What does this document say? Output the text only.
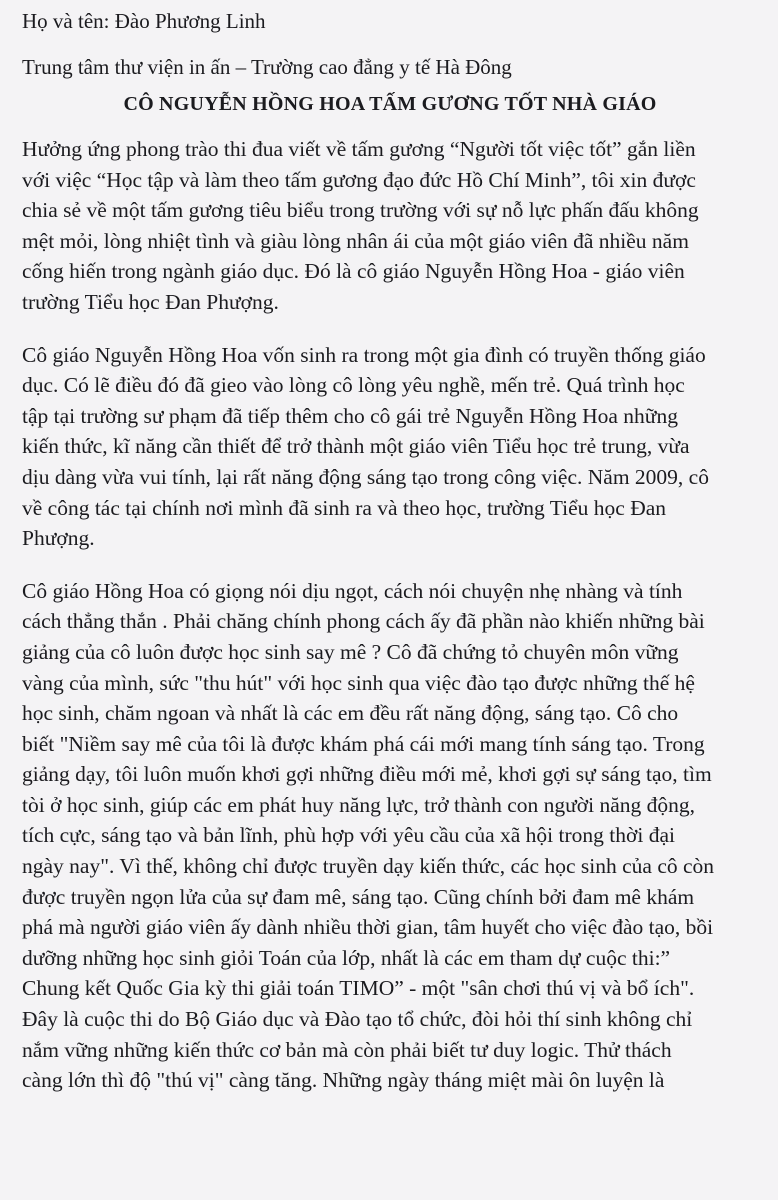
Họ và tên: Đào Phương Linh

Trung tâm thư viện in ấn – Trường cao đẳng y tế Hà Đông

CÔ NGUYỄN HỒNG HOA TẤM GƯƠNG TỐT NHÀ GIÁO

Hưởng ứng phong trào thi đua viết về tấm gương “Người tốt việc tốt” gắn liền
với việc “Học tập và làm theo tấm gương đạo đức Hồ Chí Minh”, tôi xin được
chia sẻ về một tấm gương tiêu biểu trong trường với sự nỗ lực phấn đấu không
mệt mỏi, lòng nhiệt tình và giàu lòng nhân ái của một giáo viên đã nhiều năm
cống hiến trong ngành giáo dục. Đó là cô giáo Nguyễn Hồng Hoa - giáo viên
trường Tiểu học Đan Phượng.

Cô giáo Nguyễn Hồng Hoa vốn sinh ra trong một gia đình có truyền thống giáo
dục. Có lẽ điều đó đã gieo vào lòng cô lòng yêu nghề, mến trẻ. Quá trình học
tập tại trường sư phạm đã tiếp thêm cho cô gái trẻ Nguyễn Hồng Hoa những
kiến thức, kĩ năng cần thiết để trở thành một giáo viên Tiểu học trẻ trung, vừa
dịu dàng vừa vui tính, lại rất năng động sáng tạo trong công việc. Năm 2009, cô
về công tác tại chính nơi mình đã sinh ra và theo học, trường Tiểu học Đan
Phượng.

Cô giáo Hồng Hoa có giọng nói dịu ngọt, cách nói chuyện nhẹ nhàng và tính
cách thẳng thắn . Phải chăng chính phong cách ấy đã phần nào khiến những bài
giảng của cô luôn được học sinh say mê ? Cô đã chứng tỏ chuyên môn vững
vàng của mình, sức "thu hút" với học sinh qua việc đào tạo được những thế hệ
học sinh, chăm ngoan và nhất là các em đều rất năng động, sáng tạo. Cô cho
biết "Niềm say mê của tôi là được khám phá cái mới mang tính sáng tạo. Trong
giảng dạy, tôi luôn muốn khơi gợi những điều mới mẻ, khơi gợi sự sáng tạo, tìm
tòi ở học sinh, giúp các em phát huy năng lực, trở thành con người năng động,
tích cực, sáng tạo và bản lĩnh, phù hợp với yêu cầu của xã hội trong thời đại
ngày nay". Vì thế, không chỉ được truyền dạy kiến thức, các học sinh của cô còn
được truyền ngọn lửa của sự đam mê, sáng tạo. Cũng chính bởi đam mê khám
phá mà người giáo viên ấy dành nhiều thời gian, tâm huyết cho việc đào tạo, bồi
dưỡng những học sinh giỏi Toán của lớp, nhất là các em tham dự cuộc thi:”
Chung kết Quốc Gia kỳ thi giải toán TIMO” - một "sân chơi thú vị và bổ ích".
Đây là cuộc thi do Bộ Giáo dục và Đào tạo tổ chức, đòi hỏi thí sinh không chỉ
nắm vững những kiến thức cơ bản mà còn phải biết tư duy logic. Thử thách
càng lớn thì độ "thú vị" càng tăng. Những ngày tháng miệt mài ôn luyện là
